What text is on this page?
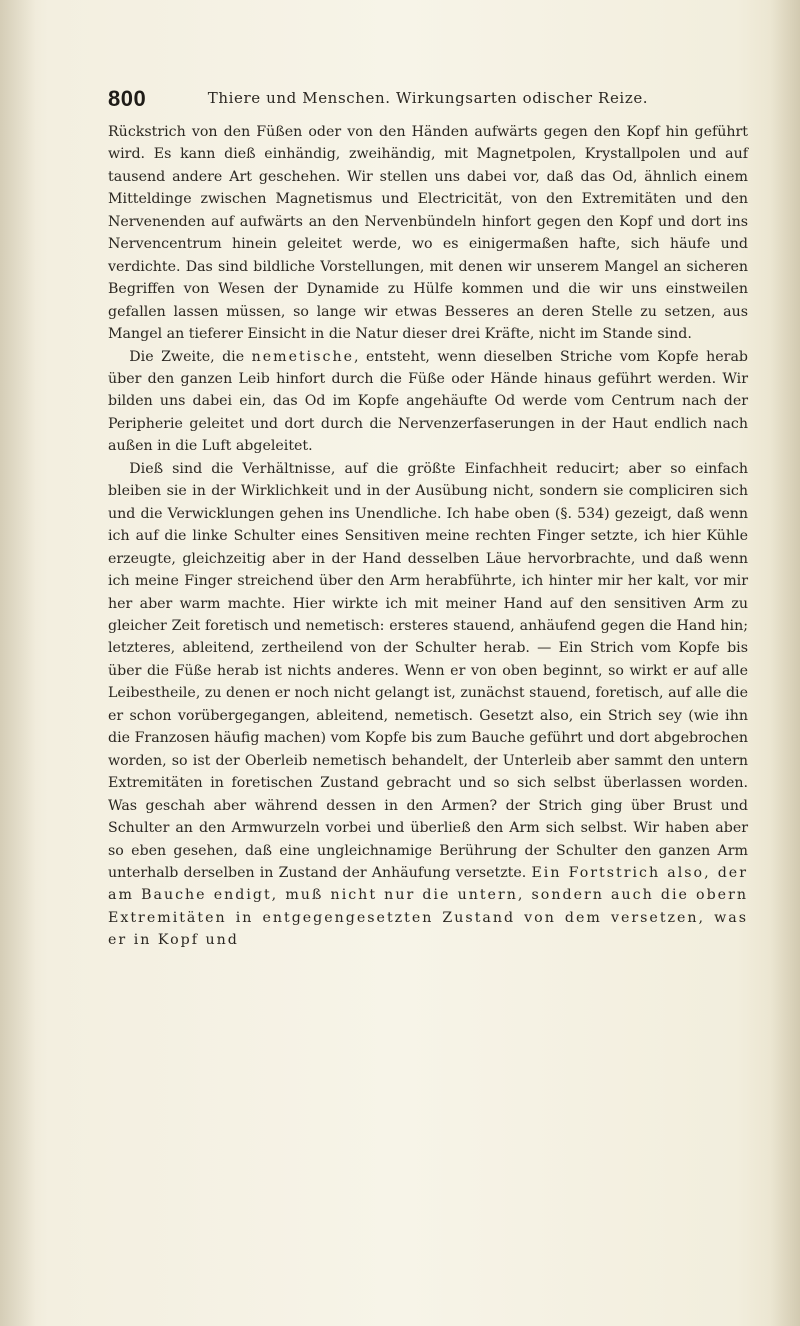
800	Thiere und Menschen. Wirkungsarten odischer Reize.

Rückstrich von den Füßen oder von den Händen aufwärts gegen den Kopf hin geführt wird. Es kann dieß einhändig, zweihändig, mit Magnetpolen, Krystallpolen und auf tausend andere Art geschehen. Wir stellen uns dabei vor, daß das Od, ähnlich einem Mitteldinge zwischen Magnetismus und Electricität, von den Extremitäten und den Nervenenden auf aufwärts an den Nervenbündeln hinfort gegen den Kopf und dort ins Nervencentrum hinein geleitet werde, wo es einigermaßen hafte, sich häufe und verdichte. Das sind bildliche Vorstellungen, mit denen wir unserem Mangel an sicheren Begriffen von Wesen der Dynamide zu Hülfe kommen und die wir uns einstweilen gefallen lassen müssen, so lange wir etwas Besseres an deren Stelle zu setzen, aus Mangel an tieferer Einsicht in die Natur dieser drei Kräfte, nicht im Stande sind.

Die Zweite, die nemetische, entsteht, wenn dieselben Striche vom Kopfe herab über den ganzen Leib hinfort durch die Füße oder Hände hinaus geführt werden. Wir bilden uns dabei ein, das Od im Kopfe angehäufte Od werde vom Centrum nach der Peripherie geleitet und dort durch die Nervenzerfaserungen in der Haut endlich nach außen in die Luft abgeleitet.

Dieß sind die Verhältnisse, auf die größte Einfachheit reducirt; aber so einfach bleiben sie in der Wirklichkeit und in der Ausübung nicht, sondern sie compliciren sich und die Verwicklungen gehen ins Unendliche. Ich habe oben (§. 534) gezeigt, daß wenn ich auf die linke Schulter eines Sensitiven meine rechten Finger setzte, ich hier Kühle erzeugte, gleichzeitig aber in der Hand desselben Läue hervorbrachte, und daß wenn ich meine Finger streichend über den Arm herabführte, ich hinter mir her kalt, vor mir her aber warm machte. Hier wirkte ich mit meiner Hand auf den sensitiven Arm zu gleicher Zeit foretisch und nemetisch: ersteres stauend, anhäufend gegen die Hand hin; letzteres, ableitend, zertheilend von der Schulter herab. — Ein Strich vom Kopfe bis über die Füße herab ist nichts anderes. Wenn er von oben beginnt, so wirkt er auf alle Leibestheile, zu denen er noch nicht gelangt ist, zunächst stauend, foretisch, auf alle die er schon vorübergegangen, ableitend, nemetisch. Gesetzt also, ein Strich sey (wie ihn die Franzosen häufig machen) vom Kopfe bis zum Bauche geführt und dort abgebrochen worden, so ist der Oberleib nemetisch behandelt, der Unterleib aber sammt den untern Extremitäten in foretischen Zustand gebracht und so sich selbst überlassen worden. Was geschah aber während dessen in den Armen? der Strich ging über Brust und Schulter an den Armwurzeln vorbei und überließ den Arm sich selbst. Wir haben aber so eben gesehen, daß eine ungleichnamige Berührung der Schulter den ganzen Arm unterhalb derselben in Zustand der Anhäufung versetzte. Ein Fortstrich also, der am Bauche endigt, muß nicht nur die untern, sondern auch die obern Extremitäten in entgegengesetzten Zustand von dem versetzen, was er in Kopf und
